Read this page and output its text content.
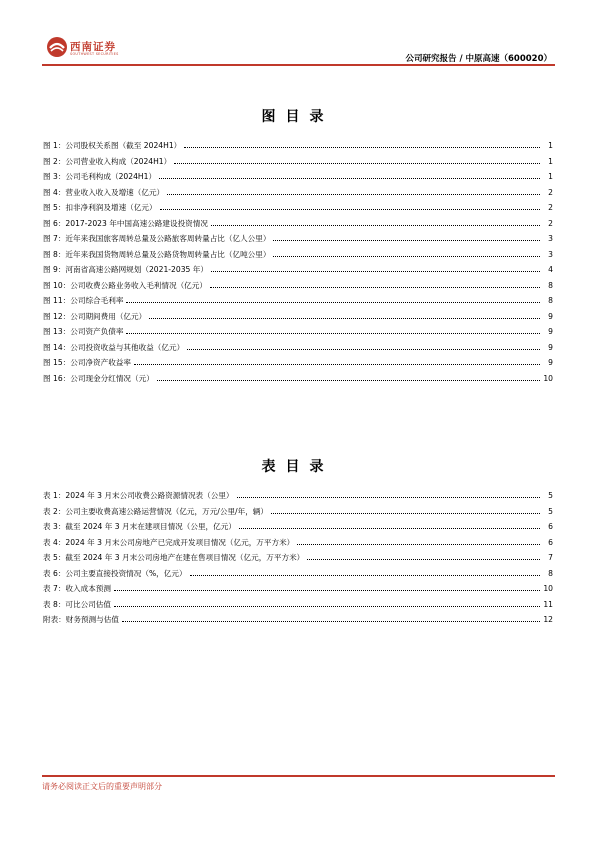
西南证券
SOUTHWEST SECURITIES	公司研究报告 / 中原高速（600020）
图目录
图 1：公司股权关系图（截至 2024H1）	1
图 2：公司营业收入构成（2024H1）	1
图 3：公司毛利构成（2024H1）	1
图 4：营业收入收入及增速（亿元）	2
图 5：扣非净利润及增速（亿元）	2
图 6：2017-2023 年中国高速公路建设投资情况	2
图 7：近年来我国旅客周转总量及公路旅客周转量占比（亿人公里）	3
图 8：近年来我国货物周转总量及公路货物周转量占比（亿吨公里）	3
图 9：河南省高速公路网规划（2021-2035 年）	4
图 10：公司收费公路业务收入毛利情况（亿元）	8
图 11：公司综合毛利率	8
图 12：公司期间费用（亿元）	9
图 13：公司资产负债率	9
图 14：公司投资收益与其他收益（亿元）	9
图 15：公司净资产收益率	9
图 16：公司现金分红情况（元）	10
表目录
表 1：2024 年 3 月末公司收费公路资源情况表（公里）	5
表 2：公司主要收费高速公路运营情况（亿元，万元/公里/年，辆）	5
表 3：截至 2024 年 3 月末在建项目情况（公里，亿元）	6
表 4：2024 年 3 月末公司房地产已完成开发项目情况（亿元，万平方米）	6
表 5：截至 2024 年 3 月末公司房地产在建在售项目情况（亿元，万平方米）	7
表 6：公司主要直接投资情况（%，亿元）	8
表 7：收入成本预测	10
表 8：可比公司估值	11
附表：财务预测与估值	12
请务必阅读正文后的重要声明部分
